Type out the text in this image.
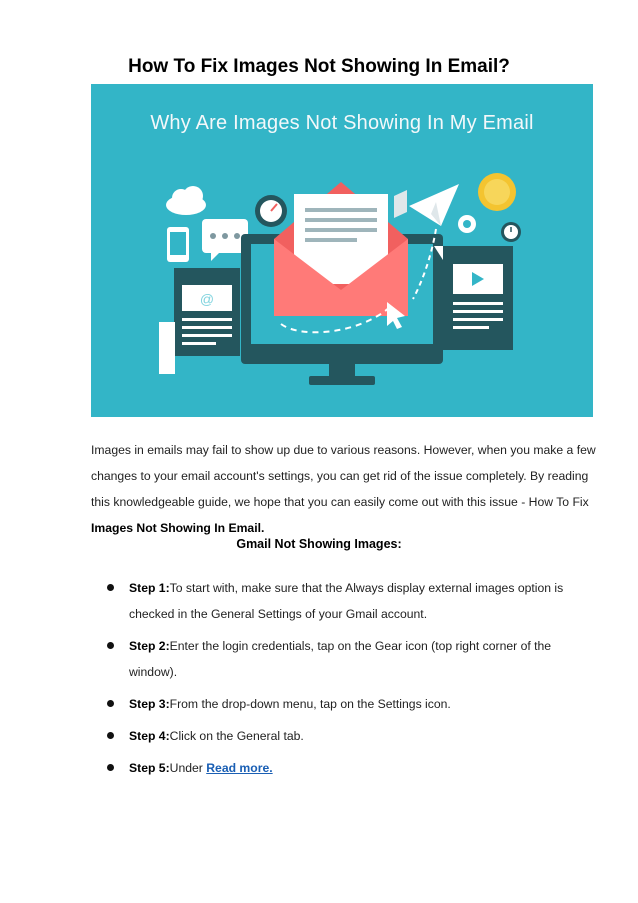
How To Fix Images Not Showing In Email?
@
Why Are Images Not Showing In My Email
Images in emails may fail to show up due to various reasons. However, when you make a few changes to your email account's settings, you can get rid of the issue completely. By reading this knowledgeable guide, we hope that you can easily come out with this issue - How To Fix Images Not Showing In Email.
Gmail Not Showing Images:
Step 1:To start with, make sure that the Always display external images option is checked in the General Settings of your Gmail account.
Step 2:Enter the login credentials, tap on the Gear icon (top right corner of the window).
Step 3:From the drop-down menu, tap on the Settings icon.
Step 4:Click on the General tab.
Step 5:Under Read more.
